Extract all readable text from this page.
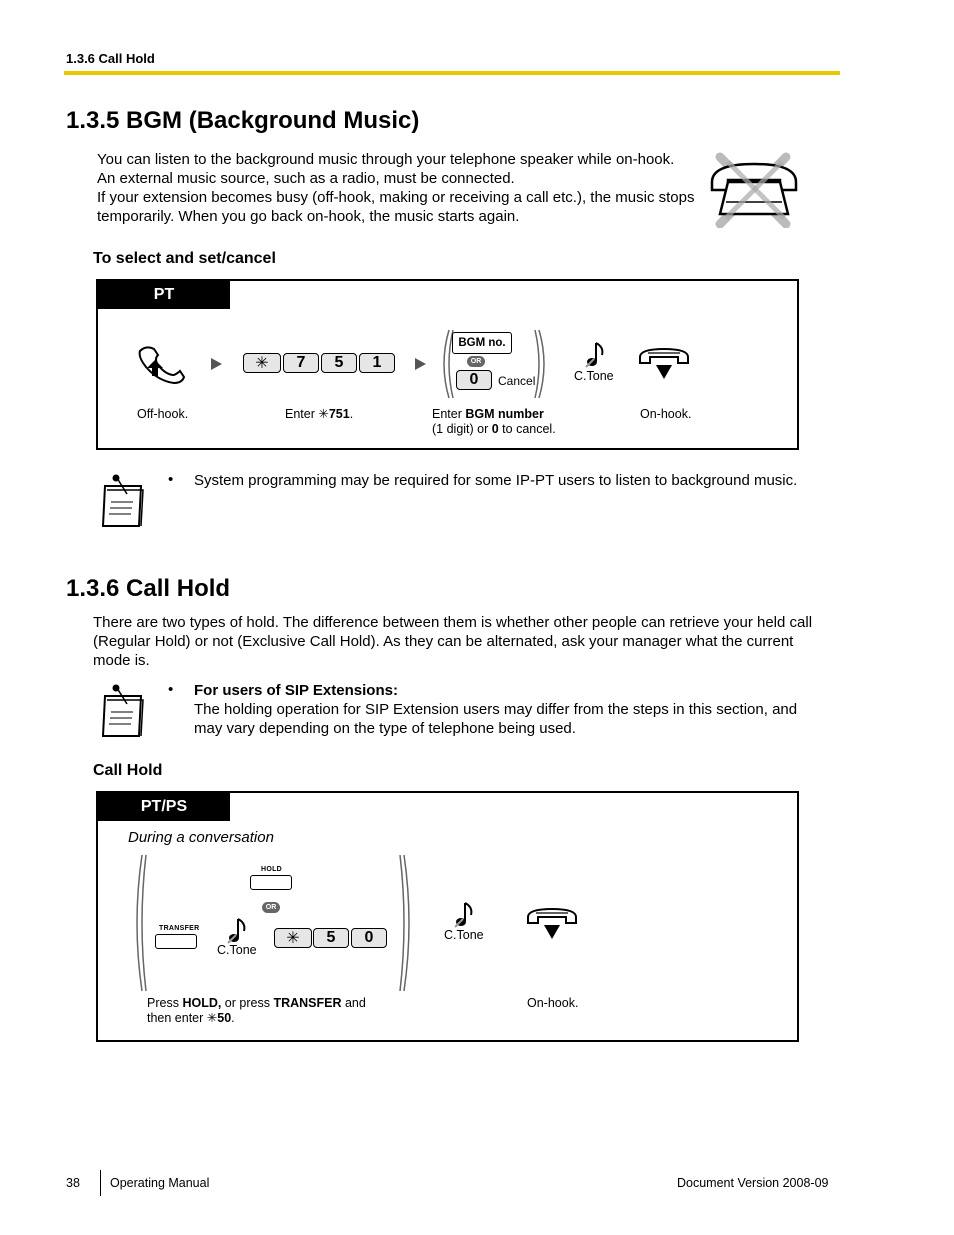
1.3.6 Call Hold
1.3.5 BGM (Background Music)
You can listen to the background music through your telephone speaker while on-hook.
An external music source, such as a radio, must be connected.
If your extension becomes busy (off-hook, making or receiving a call etc.), the music stops
temporarily. When you go back on-hook, the music starts again.
To select and set/cancel
PT
Off-hook.
✳	7	5	1
Enter ✳751.
BGM no.
OR
0	Cancel
Enter BGM number
(1 digit) or 0 to cancel.
C.Tone
On-hook.
• System programming may be required for some IP-PT users to listen to background music.
1.3.6 Call Hold
There are two types of hold. The difference between them is whether other people can retrieve your held call
(Regular Hold) or not (Exclusive Call Hold). As they can be alternated, ask your manager what the current
mode is.
• For users of SIP Extensions:
The holding operation for SIP Extension users may differ from the steps in this section, and
may vary depending on the type of telephone being used.
Call Hold
PT/PS
During a conversation
HOLD
OR
TRANSFER
C.Tone
✳	5	0	C.Tone
Press HOLD, or press TRANSFER and
then enter ✳50.
On-hook.
38 Operating Manual	Document Version 2008-09
